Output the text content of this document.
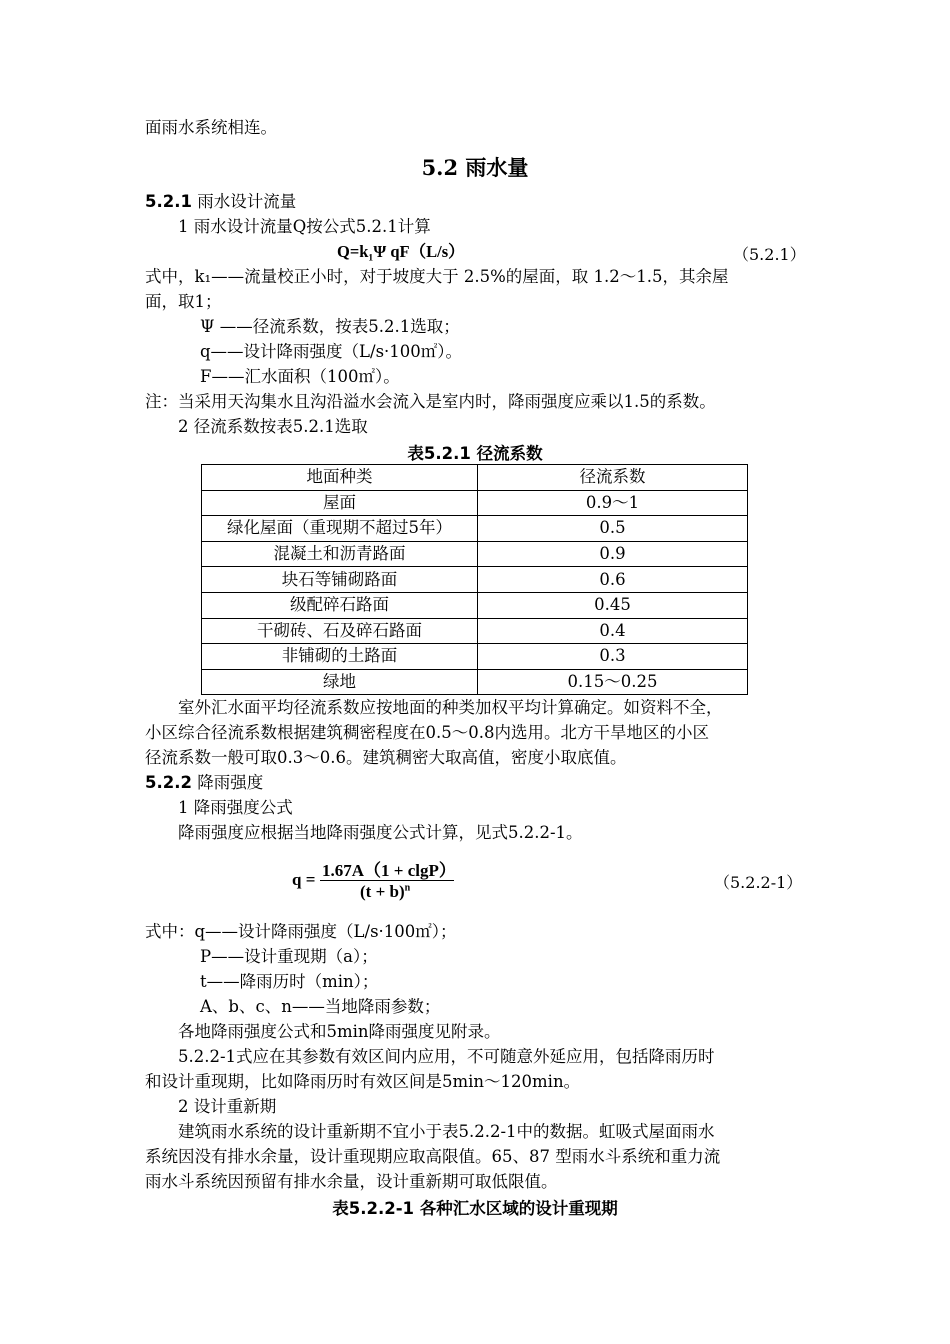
面雨水系统相连。
5.2 雨水量
5.2.1 雨水设计流量
1 雨水设计流量Q按公式5.2.1计算
Q=k₁Ψ qF（L/s）	（5.2.1）
式中，k₁——流量校正小时，对于坡度大于 2.5%的屋面，取 1.2～1.5，其余屋
面，取1；
Ψ ——径流系数，按表5.2.1选取；
q——设计降雨强度（L/s·100㎡）。
F——汇水面积（100㎡）。
注：当采用天沟集水且沟沿溢水会流入是室内时，降雨强度应乘以1.5的系数。
2 径流系数按表5.2.1选取
表5.2.1 径流系数
地面种类	径流系数
屋面	0.9～1
绿化屋面（重现期不超过5年）	0.5
混凝土和沥青路面	0.9
块石等铺砌路面	0.6
级配碎石路面	0.45
干砌砖、石及碎石路面	0.4
非铺砌的土路面	0.3
绿地	0.15～0.25
室外汇水面平均径流系数应按地面的种类加权平均计算确定。如资料不全，
小区综合径流系数根据建筑稠密程度在0.5～0.8内选用。北方干旱地区的小区
径流系数一般可取0.3～0.6。建筑稠密大取高值，密度小取底值。
5.2.2 降雨强度
1 降雨强度公式
降雨强度应根据当地降雨强度公式计算，见式5.2.2-1。
q = 1.67A（1 + clgP）
$(t + b)^n$	（5.2.2-1）
式中：q——设计降雨强度（L/s·100㎡）；
P——设计重现期（a）；
t——降雨历时（min）；
A、b、c、n——当地降雨参数；
各地降雨强度公式和5min降雨强度见附录。
5.2.2-1式应在其参数有效区间内应用，不可随意外延应用，包括降雨历时
和设计重现期，比如降雨历时有效区间是5min～120min。
2 设计重新期
建筑雨水系统的设计重新期不宜小于表5.2.2-1中的数据。虹吸式屋面雨水
系统因没有排水余量，设计重现期应取高限值。65、87 型雨水斗系统和重力流
雨水斗系统因预留有排水余量，设计重新期可取低限值。
表5.2.2-1 各种汇水区域的设计重现期
